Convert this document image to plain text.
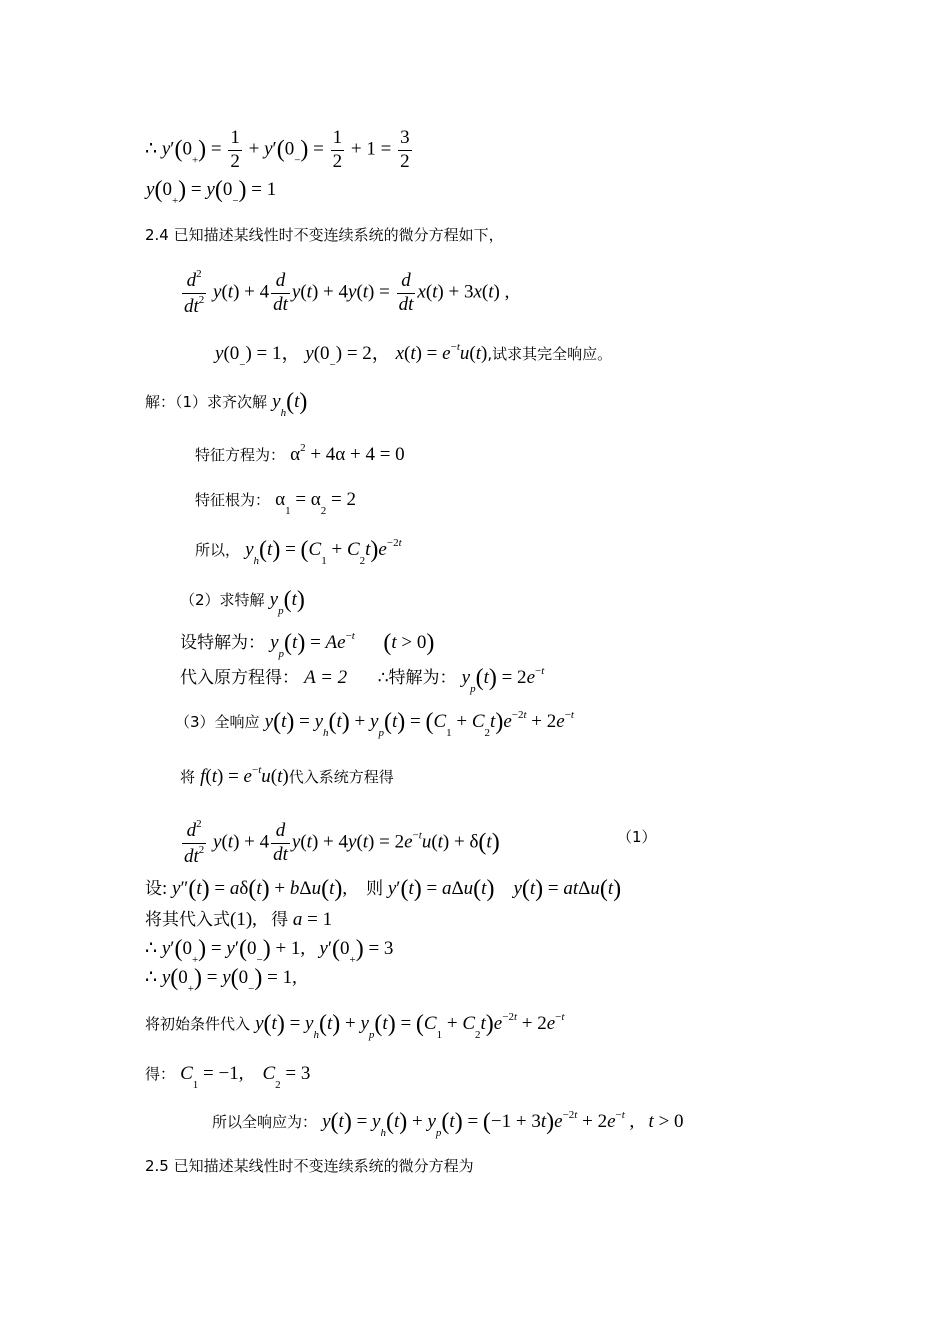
∴ $y'(0_+) = \frac{1}{2} + y'(0_-) = \frac{1}{2} + 1 = \frac{3}{2}$
$y(0_+) = y(0_-) = 1$
2.4 已知描述某线性时不变连续系统的微分方程如下，
$\frac{d^2}{dt^2} y(t) + 4 \frac{d}{dt} y(t) + 4y(t) = \frac{d}{dt} x(t) + 3x(t)$ ,
$y(0_-) = 1$， $y(0_-) = 2$， $x(t) = e^{-t}u(t)$,试求其完全响应。
解：（1）求齐次解 $y_h(t)$
特征方程为： $\alpha^2 + 4\alpha + 4 = 0$
特征根为： $\alpha_1 = \alpha_2 = 2$
所以， $y_h(t) = (C_1 + C_2t)e^{-2t}$
（2）求特解 $y_p(t)$
设特解为： $y_p(t) = Ae^{-t}$ (t > 0)
代入原方程得： A = 2 ∴特解为： $y_p(t) = 2e^{-t}$
（3）全响应 $y(t) = y_h(t) + y_p(t) = (C_1 + C_2t)e^{-2t} + 2e^{-t}$
将 $f(t) = e^{-t}u(t)$代入系统方程得
$\frac{d^2}{dt^2} y(t) + 4 \frac{d}{dt} y(t) + 4y(t) = 2e^{-t}u(t) + \delta(t)$	（1）
设: y″(t) = aδ(t) + bΔu(t),    则 y′(t) = aΔu(t) y(t) = atΔu(t)
将其代入式(1),   得 a = 1
∴ $y'(0_+) = y'(0_-) + 1$,   $y'(0_+) = 3$
∴ $y(0_+) = y(0_-) = 1$,
将初始条件代入 $y(t) = y_h(t) + y_p(t) = (C_1 + C_2t)e^{-2t} + 2e^{-t}$
得： $C_1 = -1$,    $C_2 = 3$
所以全响应为： $y(t) = y_h(t) + y_p(t) = (-1 + 3t)e^{-2t} + 2e^{-t}$ ,   t > 0
2.5 已知描述某线性时不变连续系统的微分方程为
